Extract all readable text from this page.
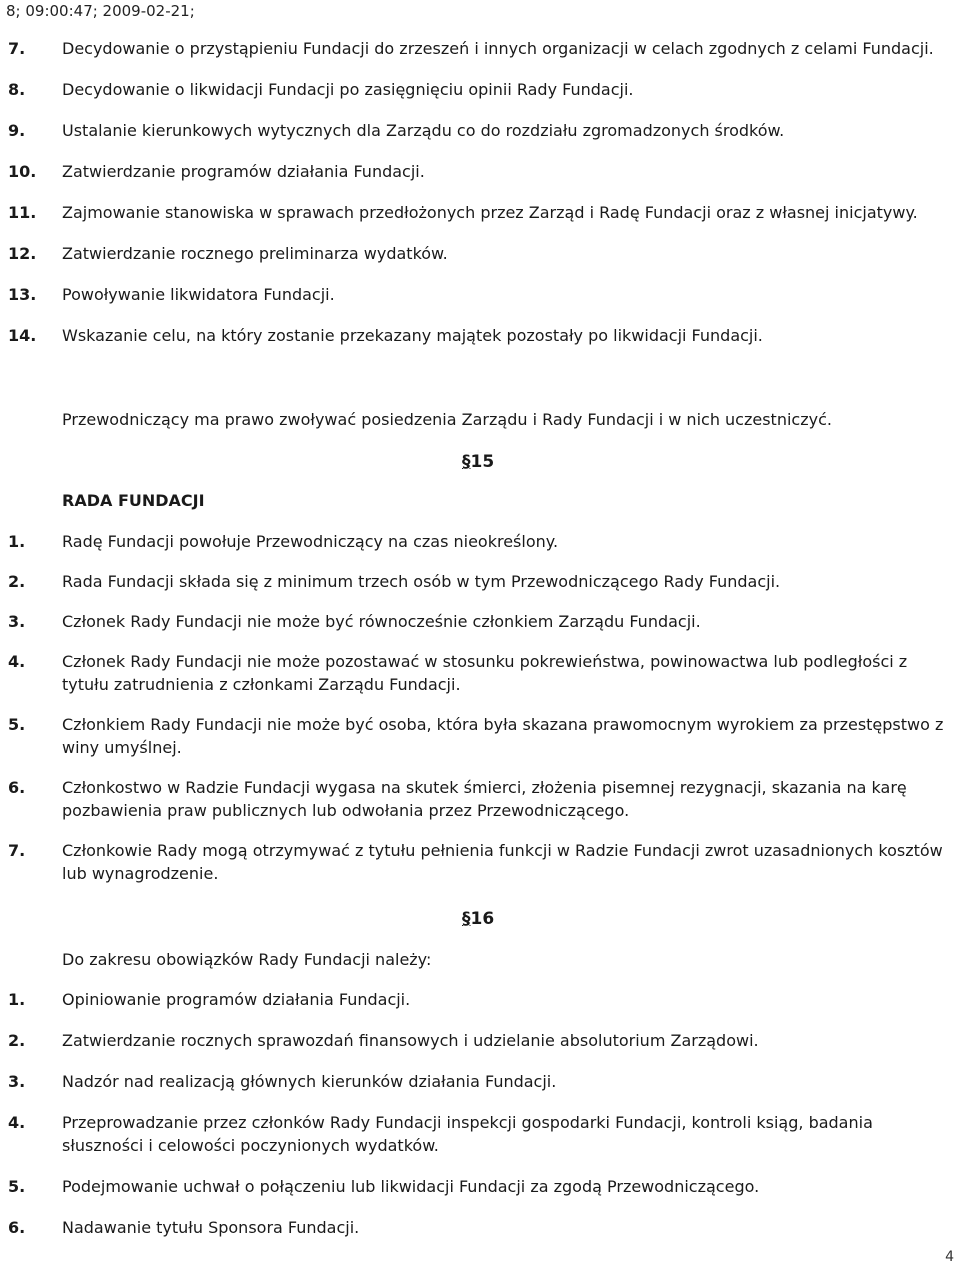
8; 09:00:47; 2009-02-21;
7. Decydowanie o przystąpieniu Fundacji do zrzeszeń i innych organizacji w celach zgodnych z celami Fundacji.
8. Decydowanie o likwidacji Fundacji po zasięgnięciu opinii Rady Fundacji.
9. Ustalanie kierunkowych wytycznych dla Zarządu co do rozdziału zgromadzonych środków.
10. Zatwierdzanie programów działania Fundacji.
11. Zajmowanie stanowiska w sprawach przedłożonych przez Zarząd i Radę Fundacji oraz z własnej inicjatywy.
12. Zatwierdzanie rocznego preliminarza wydatków.
13. Powoływanie likwidatora Fundacji.
14. Wskazanie celu, na który zostanie przekazany majątek pozostały po likwidacji Fundacji.

Przewodniczący ma prawo zwoływać posiedzenia Zarządu i Rady Fundacji i w nich uczestniczyć.

§15
RADA FUNDACJI
1. Radę Fundacji powołuje Przewodniczący na czas nieokreślony.
2. Rada Fundacji składa się z minimum trzech osób w tym Przewodniczącego Rady Fundacji.
3. Członek Rady Fundacji nie może być równocześnie członkiem Zarządu Fundacji.
4. Członek Rady Fundacji nie może pozostawać w stosunku pokrewieństwa, powinowactwa lub podległości z tytułu zatrudnienia z członkami Zarządu Fundacji.
5. Członkiem Rady Fundacji nie może być osoba, która była skazana prawomocnym wyrokiem za przestępstwo z winy umyślnej.
6. Członkostwo w Radzie Fundacji wygasa na skutek śmierci, złożenia pisemnej rezygnacji, skazania na karę pozbawienia praw publicznych lub odwołania przez Przewodniczącego.
7. Członkowie Rady mogą otrzymywać z tytułu pełnienia funkcji w Radzie Fundacji zwrot uzasadnionych kosztów lub wynagrodzenie.
§16

Do zakresu obowiązków Rady Fundacji należy:

1. Opiniowanie programów działania Fundacji.
2. Zatwierdzanie rocznych sprawozdań finansowych i udzielanie absolutorium Zarządowi.
3. Nadzór nad realizacją głównych kierunków działania Fundacji.
4. Przeprowadzanie przez członków Rady Fundacji inspekcji gospodarki Fundacji, kontroli ksiąg, badania słuszności i celowości poczynionych wydatków.
5. Podejmowanie uchwał o połączeniu lub likwidacji Fundacji za zgodą Przewodniczącego.
6. Nadawanie tytułu Sponsora Fundacji.
4
